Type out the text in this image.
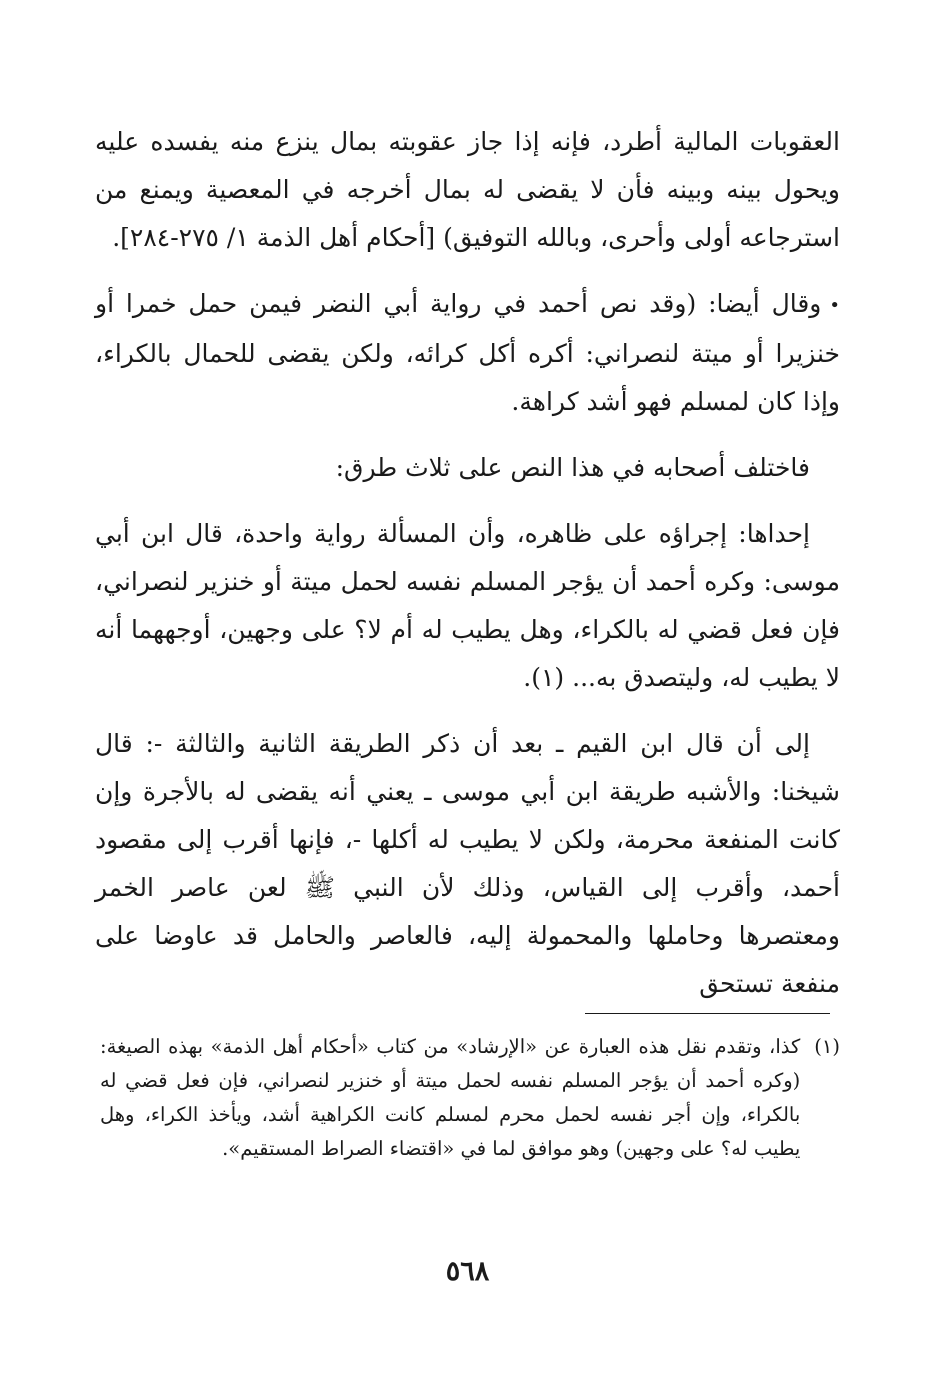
العقوبات المالية أطرد، فإنه إذا جاز عقوبته بمال ينزع منه يفسده عليه ويحول بينه وبينه فأن لا يقضى له بمال أخرجه في المعصية ويمنع من استرجاعه أولى وأحرى، وبالله التوفيق) [أحكام أهل الذمة ١/ ٢٧٥-٢٨٤].

•وقال أيضا: (وقد نص أحمد في رواية أبي النضر فيمن حمل خمرا أو خنزيرا أو ميتة لنصراني: أكره أكل كرائه، ولكن يقضى للحمال بالكراء، وإذا كان لمسلم فهو أشد كراهة.

فاختلف أصحابه في هذا النص على ثلاث طرق:

إحداها: إجراؤه على ظاهره، وأن المسألة رواية واحدة، قال ابن أبي موسى: وكره أحمد أن يؤجر المسلم نفسه لحمل ميتة أو خنزير لنصراني، فإن فعل قضي له بالكراء، وهل يطيب له أم لا؟ على وجهين، أوجههما أنه لا يطيب له، وليتصدق به... (١).

إلى أن قال ابن القيم ـ بعد أن ذكر الطريقة الثانية والثالثة -: قال شيخنا: والأشبه طريقة ابن أبي موسى ـ يعني أنه يقضى له بالأجرة وإن كانت المنفعة محرمة، ولكن لا يطيب له أكلها -، فإنها أقرب إلى مقصود أحمد، وأقرب إلى القياس، وذلك لأن النبي ﷺ لعن عاصر الخمر ومعتصرها وحاملها والمحمولة إليه، فالعاصر والحامل قد عاوضا على منفعة تستحق

(١)
كذا، وتقدم نقل هذه العبارة عن «الإرشاد» من كتاب «أحكام أهل الذمة» بهذه الصيغة: (وكره أحمد أن يؤجر المسلم نفسه لحمل ميتة أو خنزير لنصراني، فإن فعل قضي له بالكراء، وإن أجر نفسه لحمل محرم لمسلم كانت الكراهية أشد، ويأخذ الكراء، وهل يطيب له؟ على وجهين) وهو موافق لما في «اقتضاء الصراط المستقيم».
٥٦٨
